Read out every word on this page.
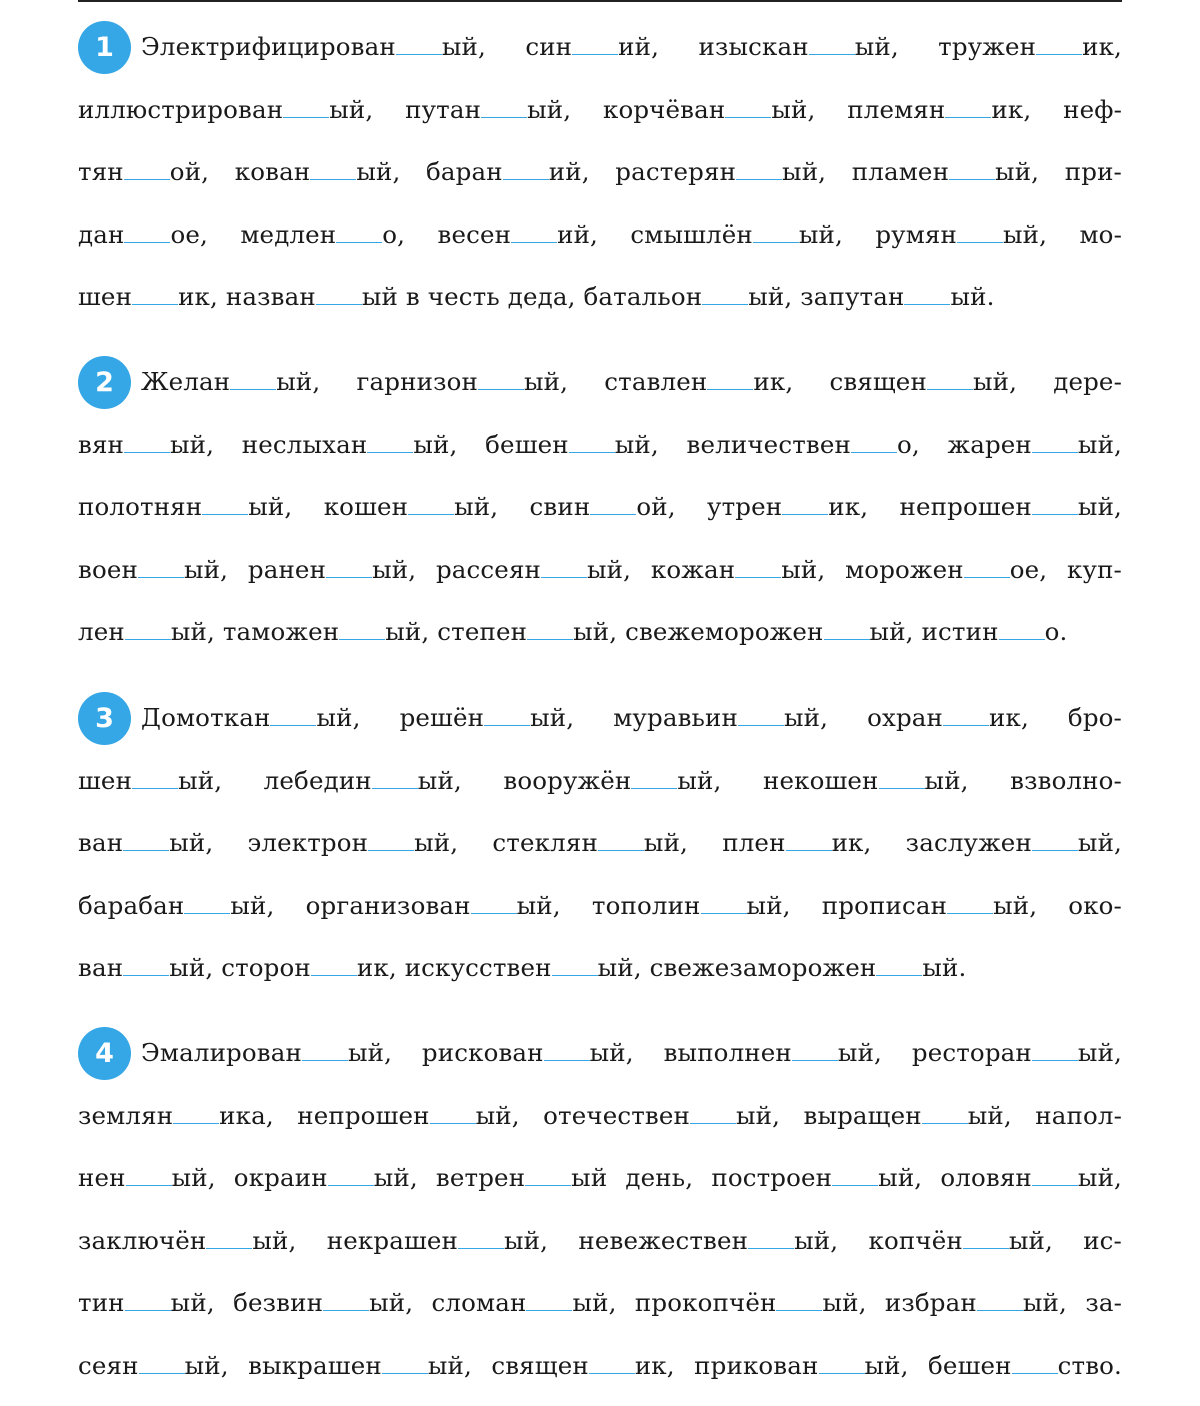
1	Электрифицирован ый, син ий, изыскан ый, тружен ик,
иллюстрирован ый, путан ый, корчёван ый, племян ик, неф-
тян ой, кован ый, баран ий, растерян ый, пламен ый, при-
дан ое, медлен о, весен ий, смышлён ый, румян ый, мо-
шен ик, назван ый в честь деда, батальон ый, запутан ый.
2	Желан ый, гарнизон ый, ставлен ик, священ ый, дере-
вян ый, неслыхан ый, бешен ый, величествен о, жарен ый,
полотнян ый, кошен ый, свин ой, утрен ик, непрошен ый,
воен ый, ранен ый, рассеян ый, кожан ый, морожен ое, куп-
лен ый, таможен ый, степен ый, свежеморожен ый, истин о.
3	Домоткан ый, решён ый, муравьин ый, охран ик, бро-
шен ый, лебедин ый, вооружён ый, некошен ый, взволно-
ван ый, электрон ый, стеклян ый, плен ик, заслужен ый,
барабан ый, организован ый, тополин ый, прописан ый, око-
ван ый, сторон ик, искусствен ый, свежезаморожен ый.
4	Эмалирован ый, рискован ый, выполнен ый, ресторан ый,
землян ика, непрошен ый, отечествен ый, выращен ый, напол-
нен ый, окраин ый, ветрен ый день, построен ый, оловян ый,
заключён ый, некрашен ый, невежествен ый, копчён ый, ис-
тин ый, безвин ый, сломан ый, прокопчён ый, избран ый, за-
сеян ый, выкрашен ый, священ ик, прикован ый, бешен ство.
